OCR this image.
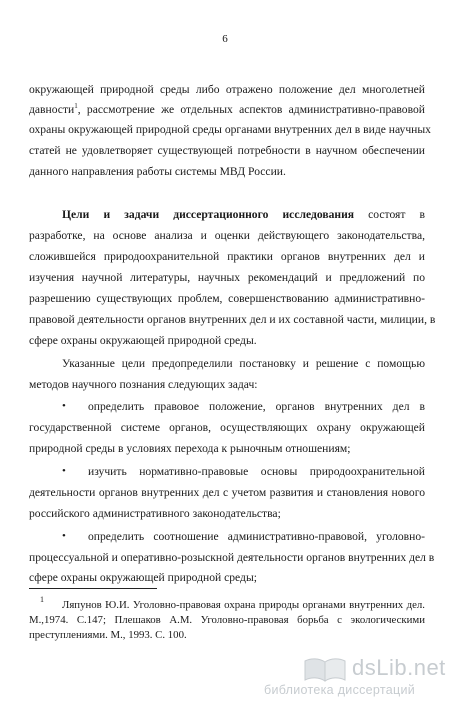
6
окружающей природной среды либо отражено положение дел многолетней
давности$^1$, рассмотрение же отдельных аспектов административно-правовой
охраны окружающей природной среды органами внутренних дел в виде научных
статей не удовлетворяет существующей потребности в научном обеспечении
данного направления работы системы МВД России.
Цели и задачи диссертационного исследования состоят в
разработке, на основе анализа и оценки действующего законодательства,
сложившейся природоохранительной практики органов внутренних дел и
изучения научной литературы, научных рекомендаций и предложений по
разрешению существующих проблем, совершенствованию административно-
правовой деятельности органов внутренних дел и их составной части, милиции, в
сфере охраны окружающей природной среды.
Указанные цели предопределили постановку и решение с помощью
методов научного познания следующих задач:
• определить правовое положение, органов внутренних дел в
государственной системе органов, осуществляющих охрану окружающей
природной среды в условиях перехода к рыночным отношениям;
• изучить нормативно-правовые основы природоохранительной
деятельности органов внутренних дел с учетом развития и становления нового
российского административного законодательства;
• определить соотношение административно-правовой, уголовно-
процессуальной и оперативно-розыскной деятельности органов внутренних дел в
сфере охраны окружающей природной среды;
1 Ляпунов Ю.И. Уголовно-правовая охрана природы органами внутренних дел.
М.,1974. С.147; Плешаков А.М. Уголовно-правовая борьба с экологическими
преступлениями. М., 1993. С. 100.
dsLib.net
библиотека диссертаций
